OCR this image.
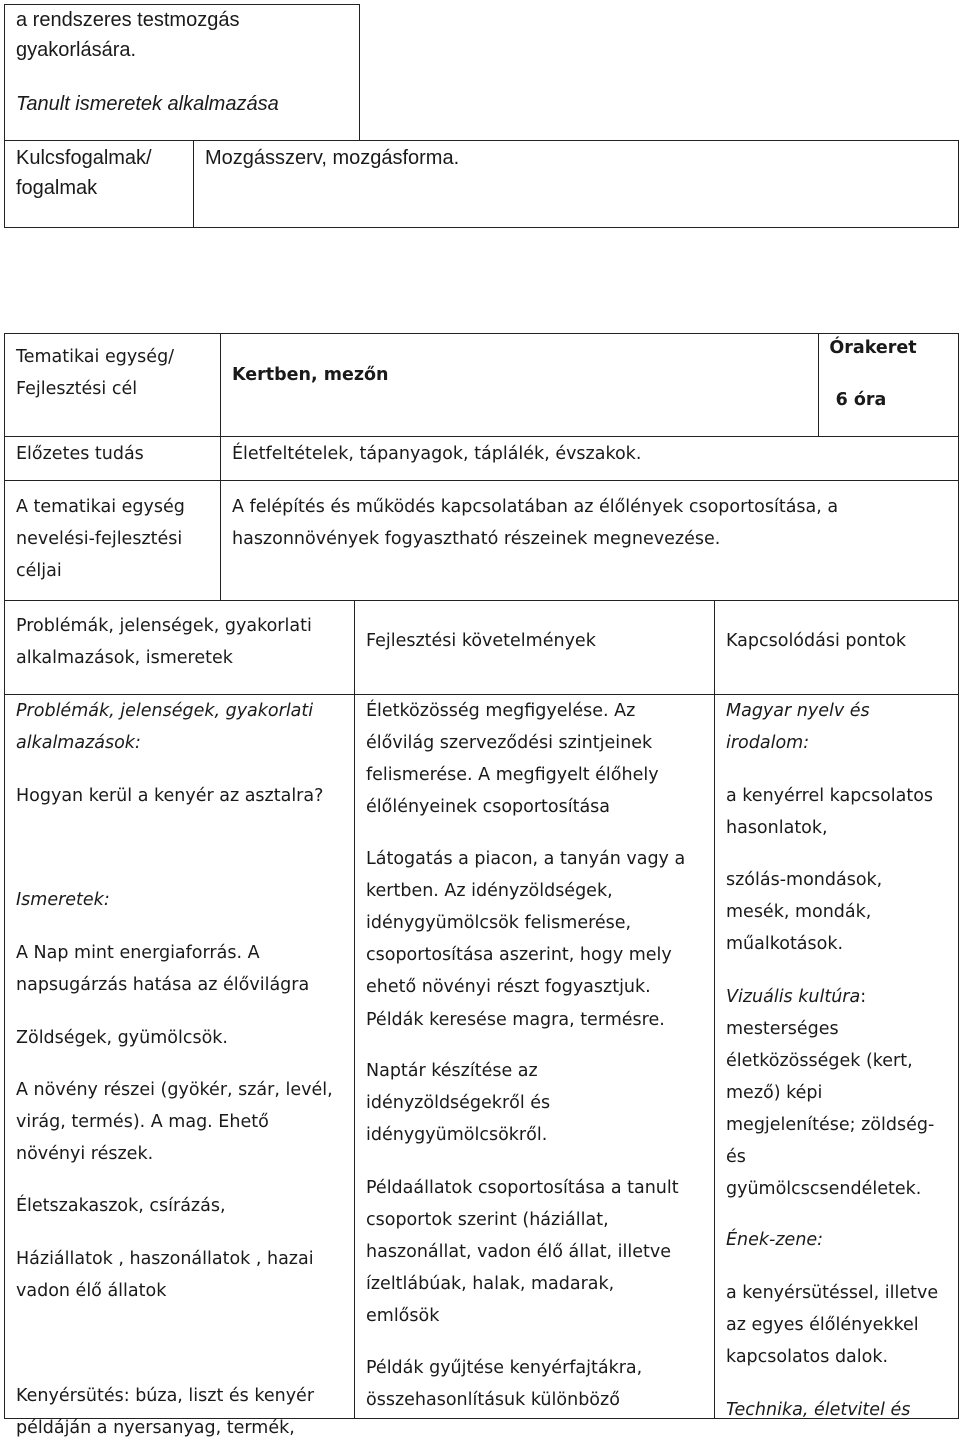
a rendszeres testmozgás
gyakorlására.
Tanult ismeretek alkalmazása
Kulcsfogalmak/
fogalmak
Mozgásszerv, mozgásforma.
Tematikai egység/
Fejlesztési cél
Kertben, mezőn
Órakeret
6 óra
Előzetes tudás	Életfeltételek, tápanyagok, táplálék, évszakok.
A tematikai egység
nevelési-fejlesztési
céljai
A felépítés és működés kapcsolatában az élőlények csoportosítása, a
haszonnövények fogyasztható részeinek megnevezése.
Problémák, jelenségek, gyakorlati
alkalmazások, ismeretek
Fejlesztési követelmények	Kapcsolódási pontok
Problémák, jelenségek, gyakorlati
alkalmazások:
Hogyan kerül a kenyér az asztalra?
Ismeretek:
A Nap mint energiaforrás. A
napsugárzás hatása az élővilágra
Zöldségek, gyümölcsök.
A növény részei (gyökér, szár, levél,
virág, termés). A mag. Ehető
növényi részek.
Életszakaszok, csírázás,
Háziállatok , haszonállatok , hazai
vadon élő állatok
Kenyérsütés: búza, liszt és kenyér
példáján a nyersanyag, termék,
Életközösség megfigyelése. Az
élővilág szerveződési szintjeinek
felismerése. A megfigyelt élőhely
élőlényeinek csoportosítása
Látogatás a piacon, a tanyán vagy a
kertben. Az idényzöldségek,
idénygyümölcsök felismerése,
csoportosítása aszerint, hogy mely
ehető növényi részt fogyasztjuk.
Példák keresése magra, termésre.
Naptár készítése az
idényzöldségekről és
idénygyümölcsökről.
Példaállatok csoportosítása a tanult
csoportok szerint (háziállat,
haszonállat, vadon élő állat, illetve
ízeltlábúak, halak, madarak,
emlősök
Példák gyűjtése kenyérfajtákra,
összehasonlításuk különböző
Magyar nyelv és
irodalom:
a kenyérrel kapcsolatos
hasonlatok,
szólás-mondások,
mesék, mondák,
műalkotások.
Vizuális kultúra:
mesterséges
életközösségek (kert,
mező) képi
megjelenítése; zöldség-
és
gyümölcscsendéletek.
Ének-zene:
a kenyérsütéssel, illetve
az egyes élőlényekkel
kapcsolatos dalok.
Technika, életvitel és
